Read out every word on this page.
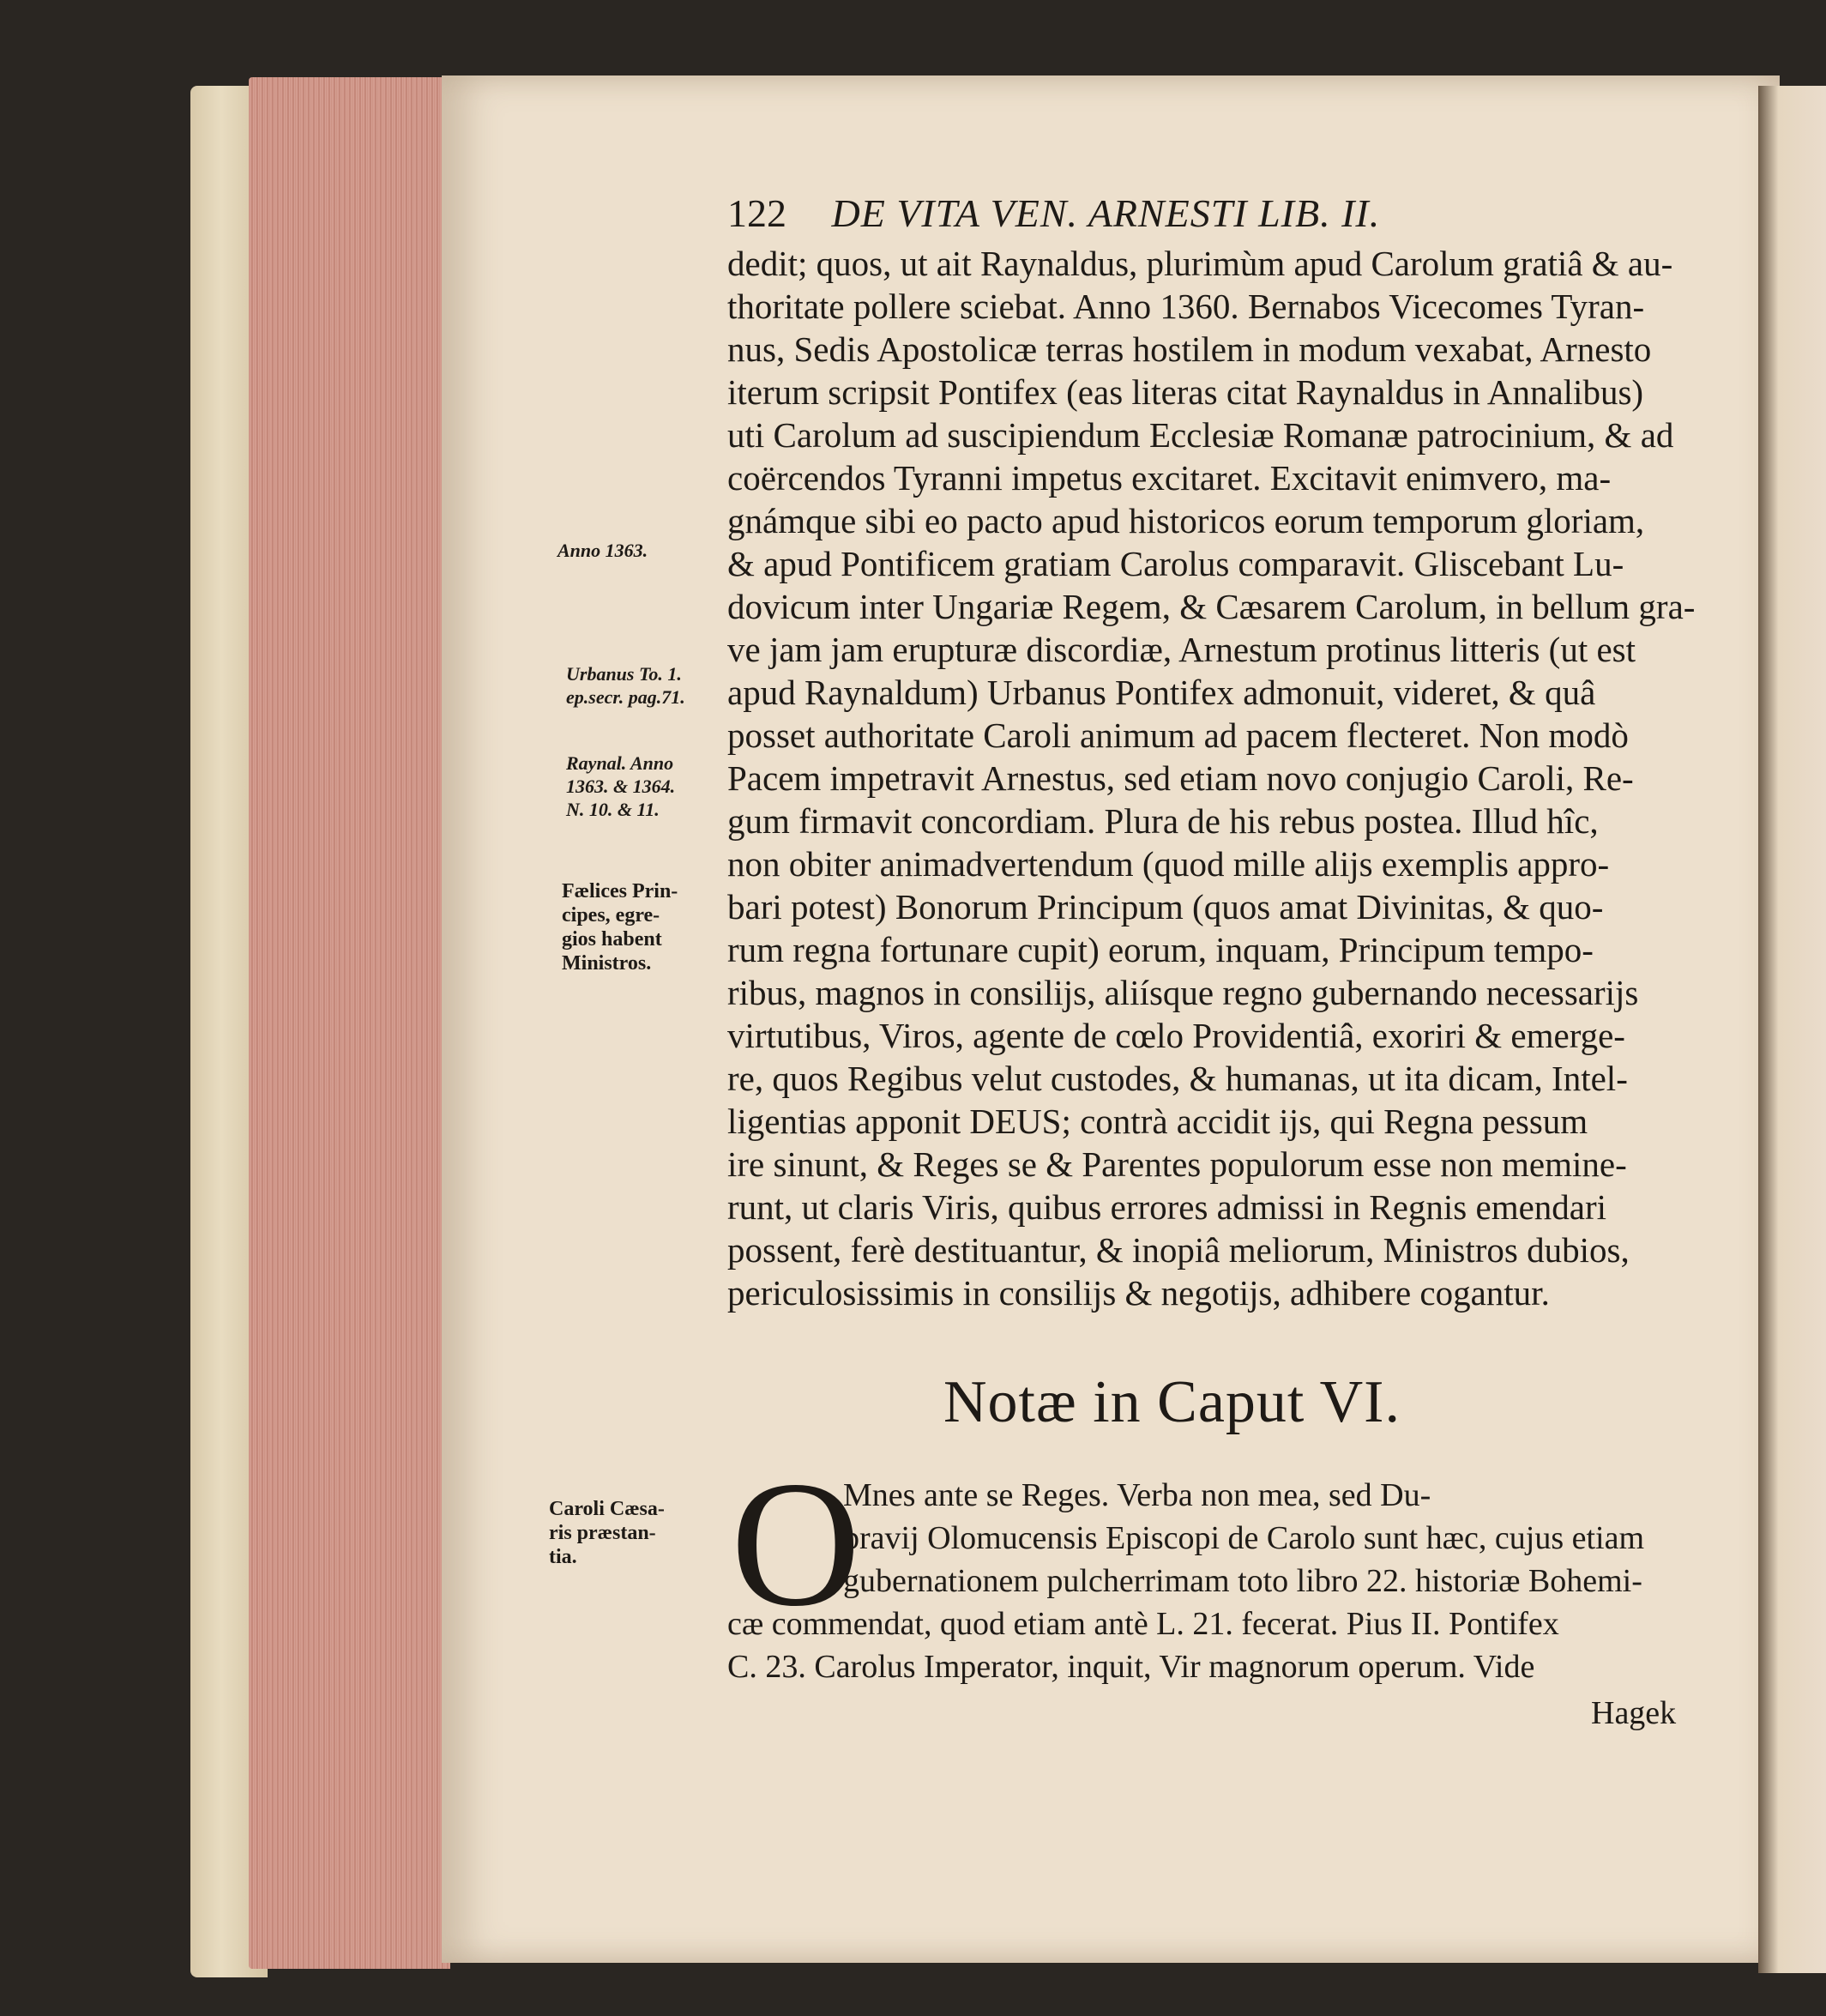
122 DE VITA VEN. ARNESTI LIB. II.
dedit; quos, ut ait Raynaldus, plurimùm apud Carolum gratiâ & au-
thoritate pollere sciebat. Anno 1360. Bernabos Vicecomes Tyran-
nus, Sedis Apostolicæ terras hostilem in modum vexabat, Arnesto
iterum scripsit Pontifex (eas literas citat Raynaldus in Annalibus)
uti Carolum ad suscipiendum Ecclesiæ Romanæ patrocinium, & ad
coërcendos Tyranni impetus excitaret. Excitavit enimvero, ma-
gnámque sibi eo pacto apud historicos eorum temporum gloriam,
& apud Pontificem gratiam Carolus comparavit. Gliscebant Lu-
dovicum inter Ungariæ Regem, & Cæsarem Carolum, in bellum gra-
ve jam jam erupturæ discordiæ, Arnestum protinus litteris (ut est
apud Raynaldum) Urbanus Pontifex admonuit, videret, & quâ
posset authoritate Caroli animum ad pacem flecteret. Non modò
Pacem impetravit Arnestus, sed etiam novo conjugio Caroli, Re-
gum firmavit concordiam. Plura de his rebus postea. Illud hîc,
non obiter animadvertendum (quod mille alijs exemplis appro-
bari potest) Bonorum Principum (quos amat Divinitas, & quo-
rum regna fortunare cupit) eorum, inquam, Principum tempo-
ribus, magnos in consilijs, aliísque regno gubernando necessarijs
virtutibus, Viros, agente de cœlo Providentiâ, exoriri & emerge-
re, quos Regibus velut custodes, & humanas, ut ita dicam, Intel-
ligentias apponit DEUS; contrà accidit ijs, qui Regna pessum
ire sinunt, & Reges se & Parentes populorum esse non memine-
runt, ut claris Viris, quibus errores admissi in Regnis emendari
possent, ferè destituantur, & inopiâ meliorum, Ministros dubios,
periculosissimis in consilijs & negotijs, adhibere cogantur.
Anno 1363.
Urbanus To. 1.
ep.secr. pag.71.
Raynal. Anno
1363. & 1364.
N. 10. & 11.
Fælices Prin-
cipes, egre-
gios habent
Ministros.
Caroli Cæsa-
ris præstan-
tia.
Notæ in Caput VI.
O
Mnes ante se Reges. Verba non mea, sed Du-
bravij Olomucensis Episcopi de Carolo sunt hæc, cujus etiam
gubernationem pulcherrimam toto libro 22. historiæ Bohemi-
cæ commendat, quod etiam antè L. 21. fecerat. Pius II. Pontifex
C. 23. Carolus Imperator, inquit, Vir magnorum operum. Vide
Hagek
